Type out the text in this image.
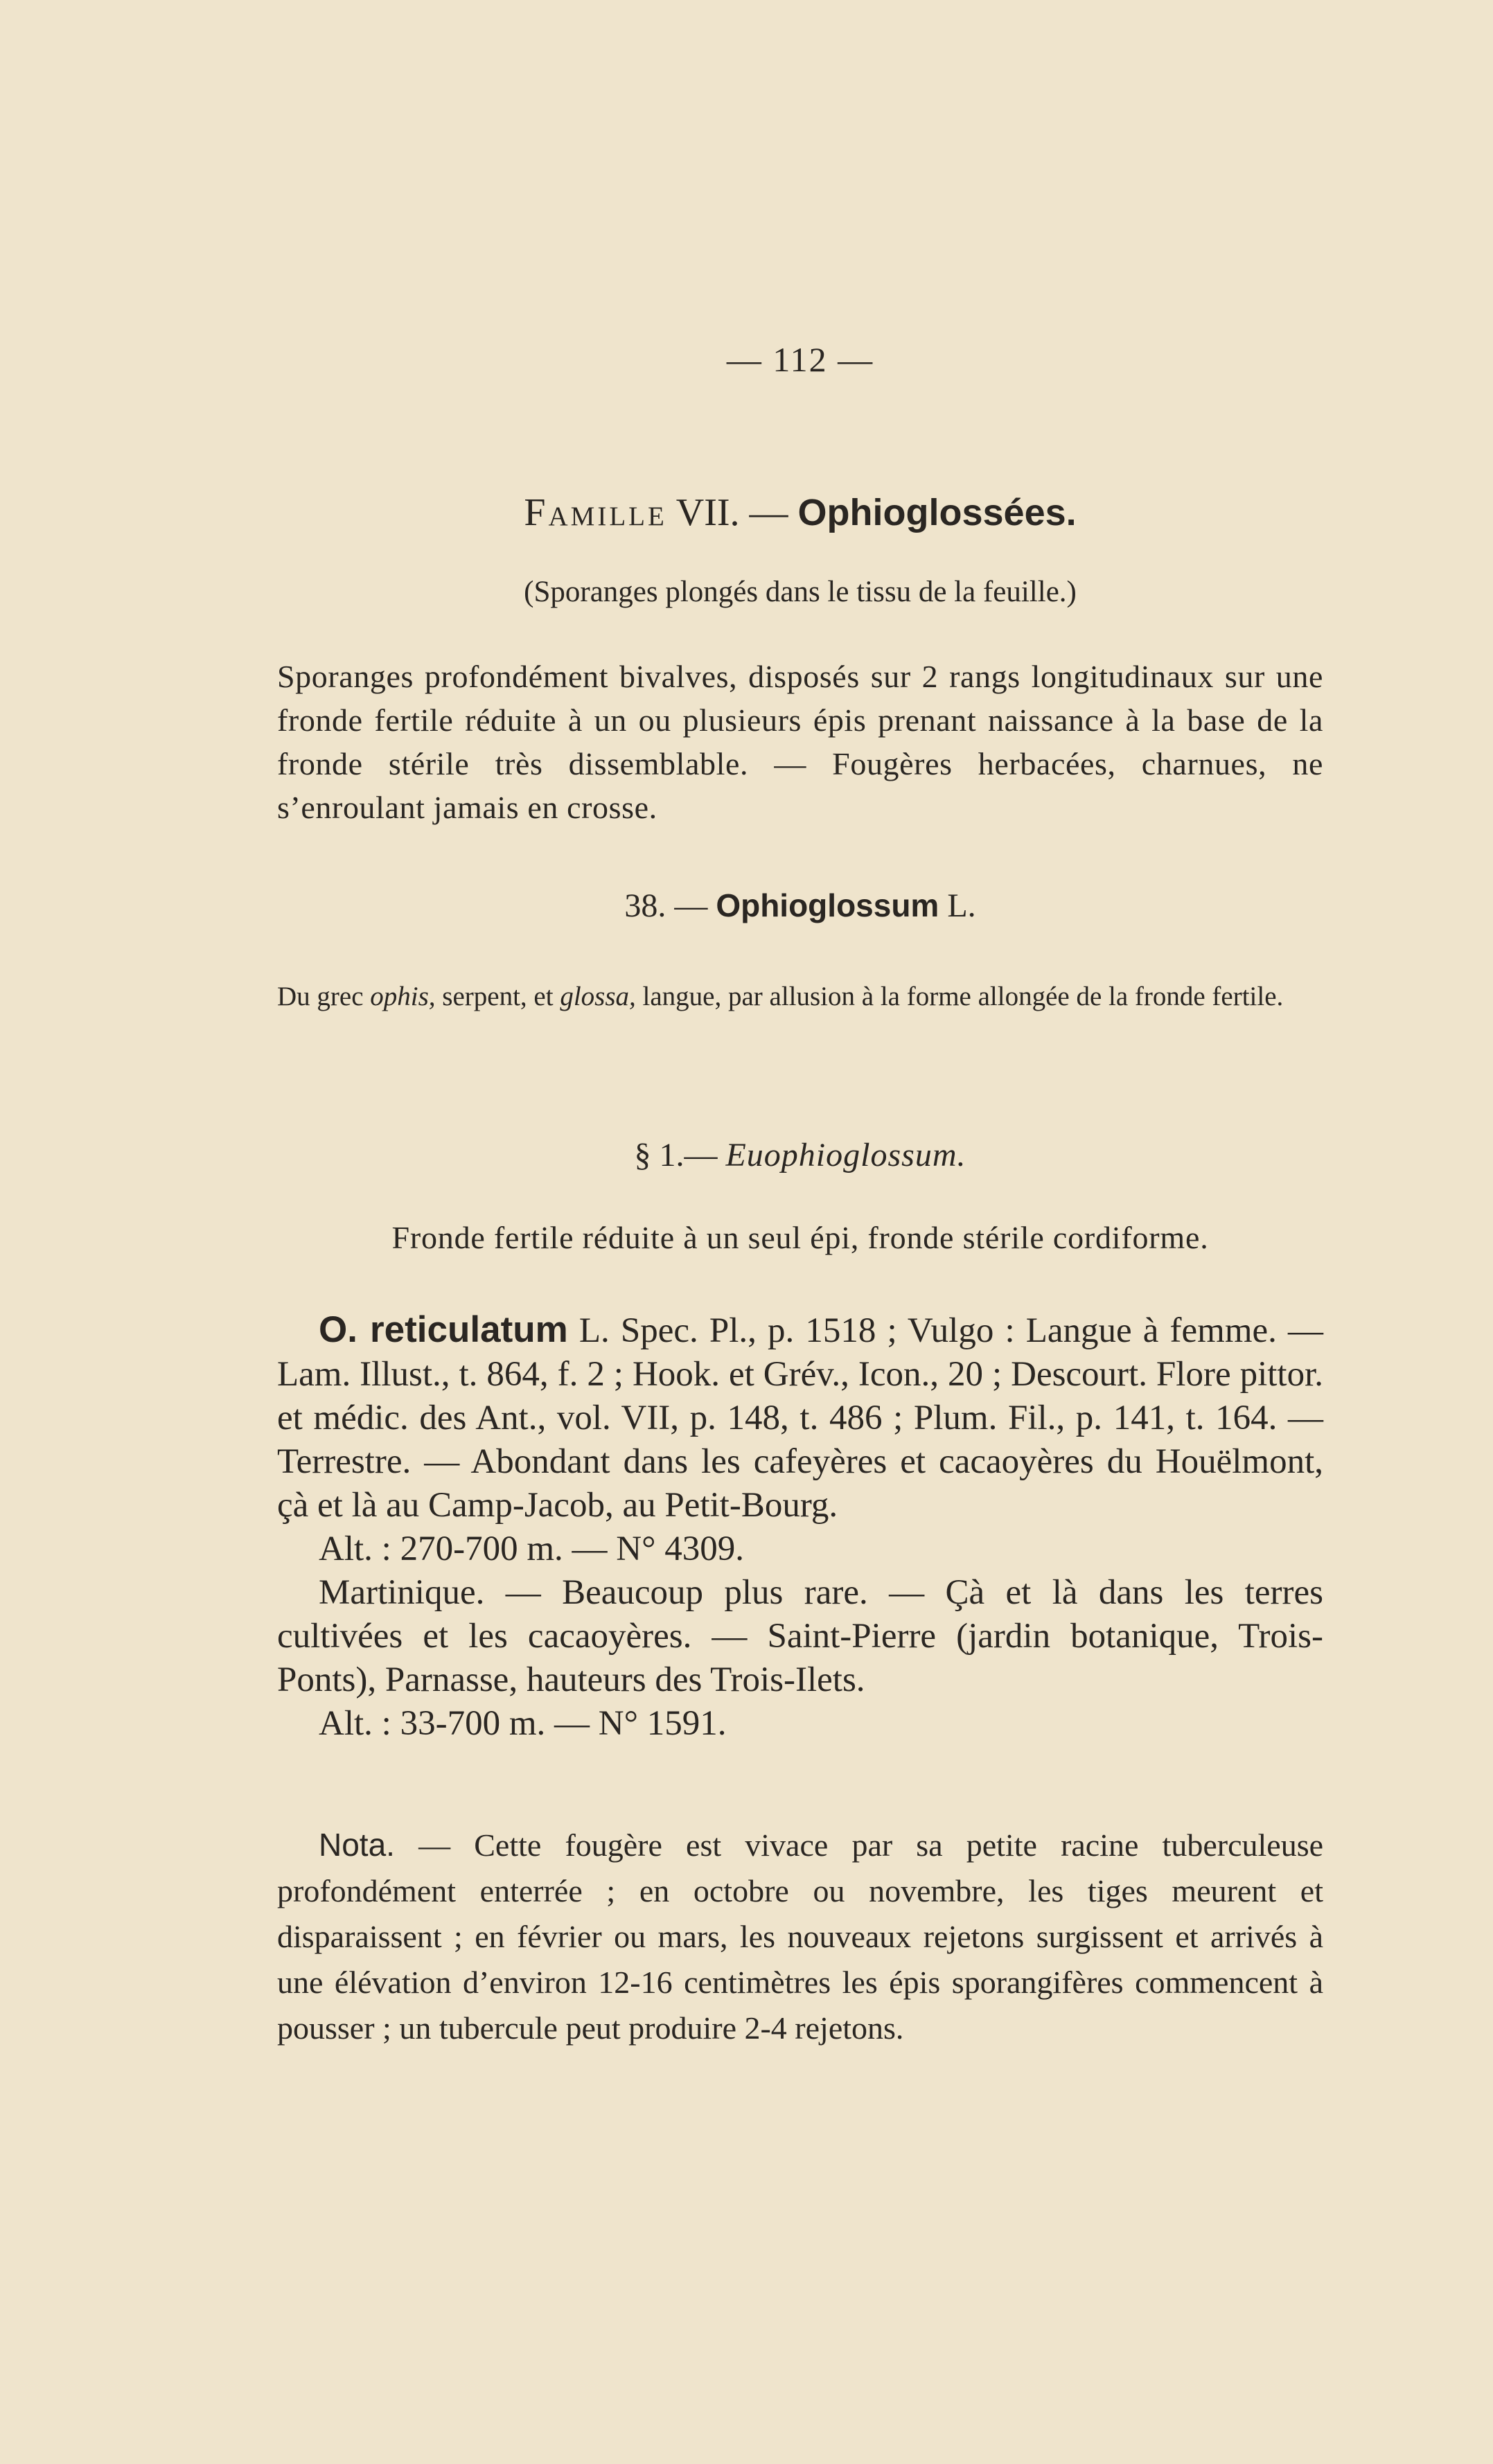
— 112 —
Famille VII. — Ophioglossées.
(Sporanges plongés dans le tissu de la feuille.)
Sporanges profondément bivalves, disposés sur 2 rangs longitudinaux sur une fronde fertile réduite à un ou plusieurs épis prenant naissance à la base de la fronde stérile très dissemblable. — Fougères herbacées, charnues, ne s’enroulant jamais en crosse.
38. — Ophioglossum L.
Du grec ophis, serpent, et glossa, langue, par allusion à la forme allongée de la fronde fertile.
§ 1.— Euophioglossum.
Fronde fertile réduite à un seul épi, fronde stérile cordiforme.

O. reticulatum L. Spec. Pl., p. 1518 ; Vulgo : Langue à femme. — Lam. Illust., t. 864, f. 2 ; Hook. et Grév., Icon., 20 ; Descourt. Flore pittor. et médic. des Ant., vol. VII, p. 148, t. 486 ; Plum. Fil., p. 141, t. 164. — Terrestre. — Abondant dans les cafeyères et cacaoyères du Houëlmont, çà et là au Camp-Jacob, au Petit-Bourg.

Alt. : 270-700 m. — N° 4309.

Martinique. — Beaucoup plus rare. — Çà et là dans les terres cultivées et les cacaoyères. — Saint-Pierre (jardin botanique, Trois-Ponts), Parnasse, hauteurs des Trois-Ilets.

Alt. : 33-700 m. — N° 1591.

Nota. — Cette fougère est vivace par sa petite racine tuberculeuse profondément enterrée ; en octobre ou novembre, les tiges meurent et disparaissent ; en février ou mars, les nouveaux rejetons surgissent et arrivés à une élévation d’environ 12-16 centimètres les épis sporangifères commencent à pousser ; un tubercule peut produire 2-4 rejetons.
